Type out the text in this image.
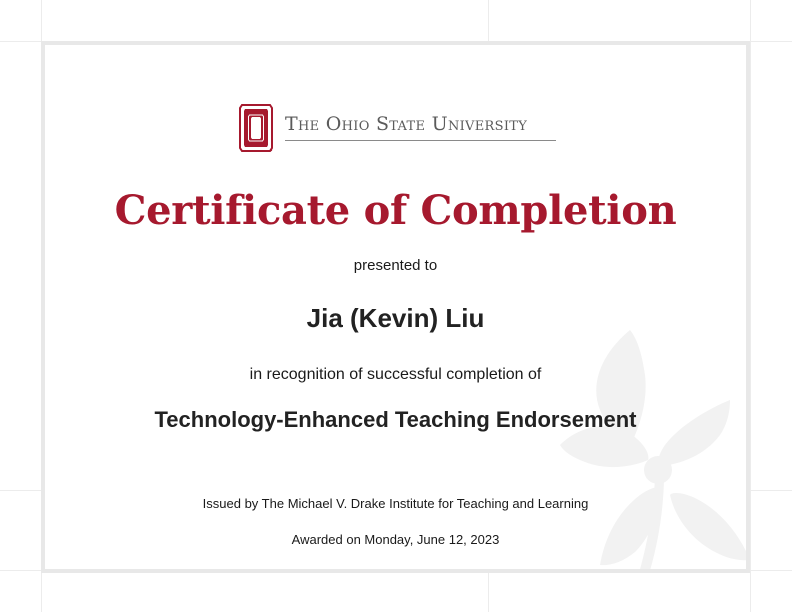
The Ohio State University
Certificate of Completion
presented to
Jia (Kevin) Liu
in recognition of successful completion of
Technology-Enhanced Teaching Endorsement
Issued by The Michael V. Drake Institute for Teaching and Learning
Awarded on Monday, June 12, 2023
